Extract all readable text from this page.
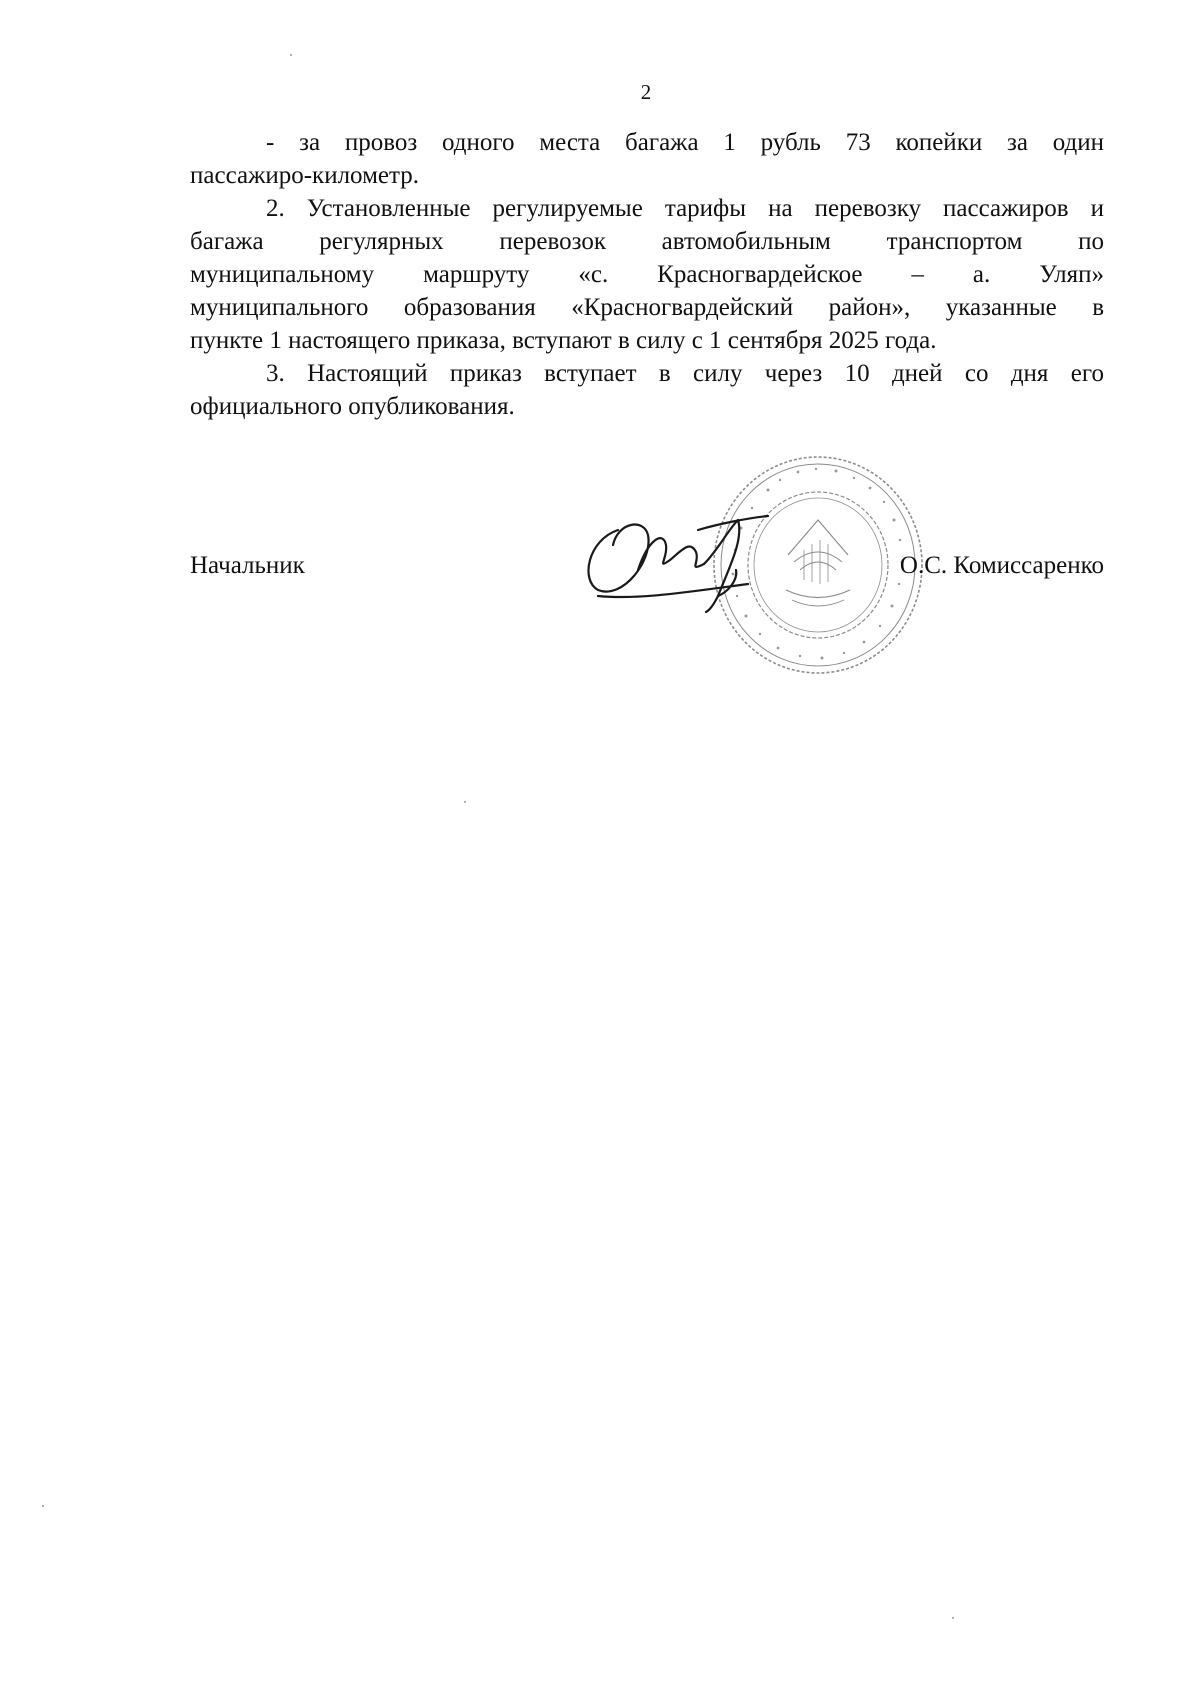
2
- за провоз одного места багажа 1 рубль 73 копейки за один
пассажиро-километр.
2. Установленные регулируемые тарифы на перевозку пассажиров и
багажа регулярных перевозок автомобильным транспортом по
муниципальному маршруту «с. Красногвардейское – а. Уляп»
муниципального образования «Красногвардейский район», указанные в
пункте 1 настоящего приказа, вступают в силу с 1 сентября 2025 года.
3. Настоящий приказ вступает в силу через 10 дней со дня его
официального опубликования.
Начальник	О.С. Комиссаренко
